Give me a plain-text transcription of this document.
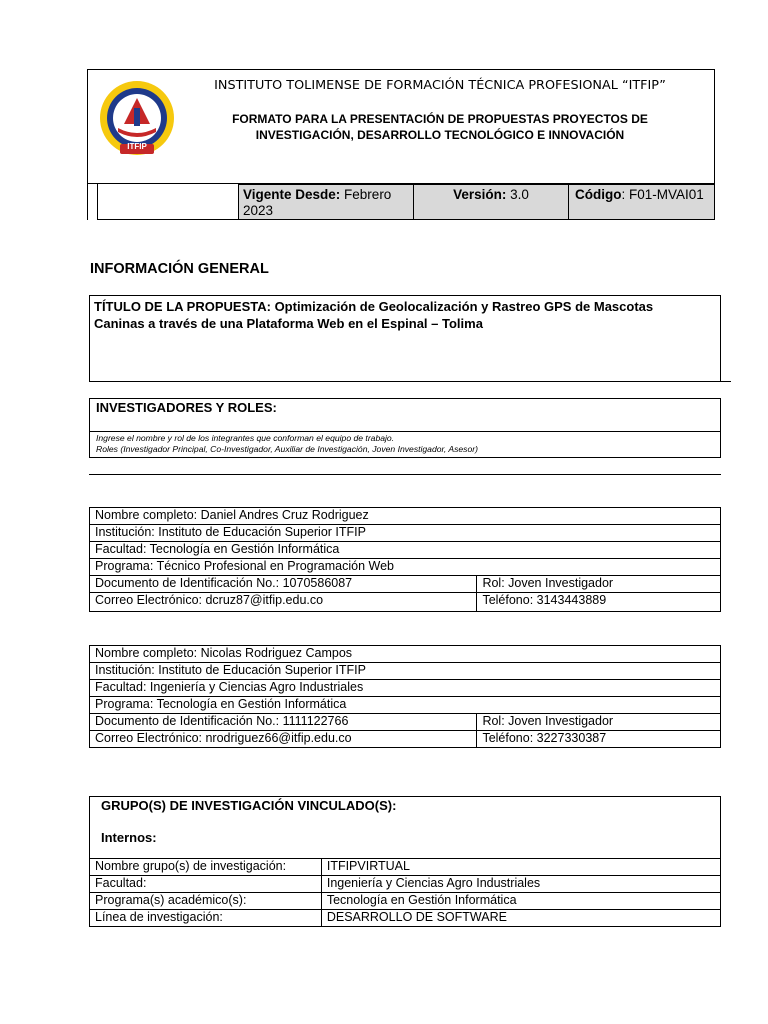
ITFIP
INSTITUTO TOLIMENSE DE FORMACIÓN TÉCNICA PROFESIONAL “ITFIP”
FORMATO PARA LA PRESENTACIÓN DE PROPUESTAS PROYECTOS DE
INVESTIGACIÓN, DESARROLLO TECNOLÓGICO E INNOVACIÓN
Vigente Desde: Febrero
2023
Versión: 3.0	Código: F01-MVAI01
INFORMACIÓN GENERAL
TÍTULO DE LA PROPUESTA: Optimización de Geolocalización y Rastreo GPS de Mascotas
Caninas a través de una Plataforma Web en el Espinal – Tolima
INVESTIGADORES Y ROLES:
Ingrese el nombre y rol de los integrantes que conforman el equipo de trabajo.
Roles (Investigador Principal, Co-Investigador, Auxiliar de Investigación, Joven Investigador, Asesor)
Nombre completo: Daniel Andres Cruz Rodriguez	
Institución: Instituto de Educación Superior ITFIP	
Facultad: Tecnología en Gestión Informática	
Programa: Técnico Profesional en Programación Web	
Documento de Identificación No.: 1070586087	Rol: Joven Investigador
Correo Electrónico: dcruz87@itfip.edu.co	Teléfono: 3143443889
Nombre completo: Nicolas Rodriguez Campos	
Institución: Instituto de Educación Superior ITFIP	
Facultad: Ingeniería y Ciencias Agro Industriales	
Programa: Tecnología en Gestión Informática	
Documento de Identificación No.: 1111122766	Rol: Joven Investigador
Correo Electrónico: nrodriguez66@itfip.edu.co	Teléfono: 3227330387
GRUPO(S) DE INVESTIGACIÓN VINCULADO(S):
Internos:
Nombre grupo(s) de investigación:	ITFIPVIRTUAL
Facultad:	Ingeniería y Ciencias Agro Industriales
Programa(s) académico(s):	Tecnología en Gestión Informática
Línea de investigación:	DESARROLLO DE SOFTWARE
